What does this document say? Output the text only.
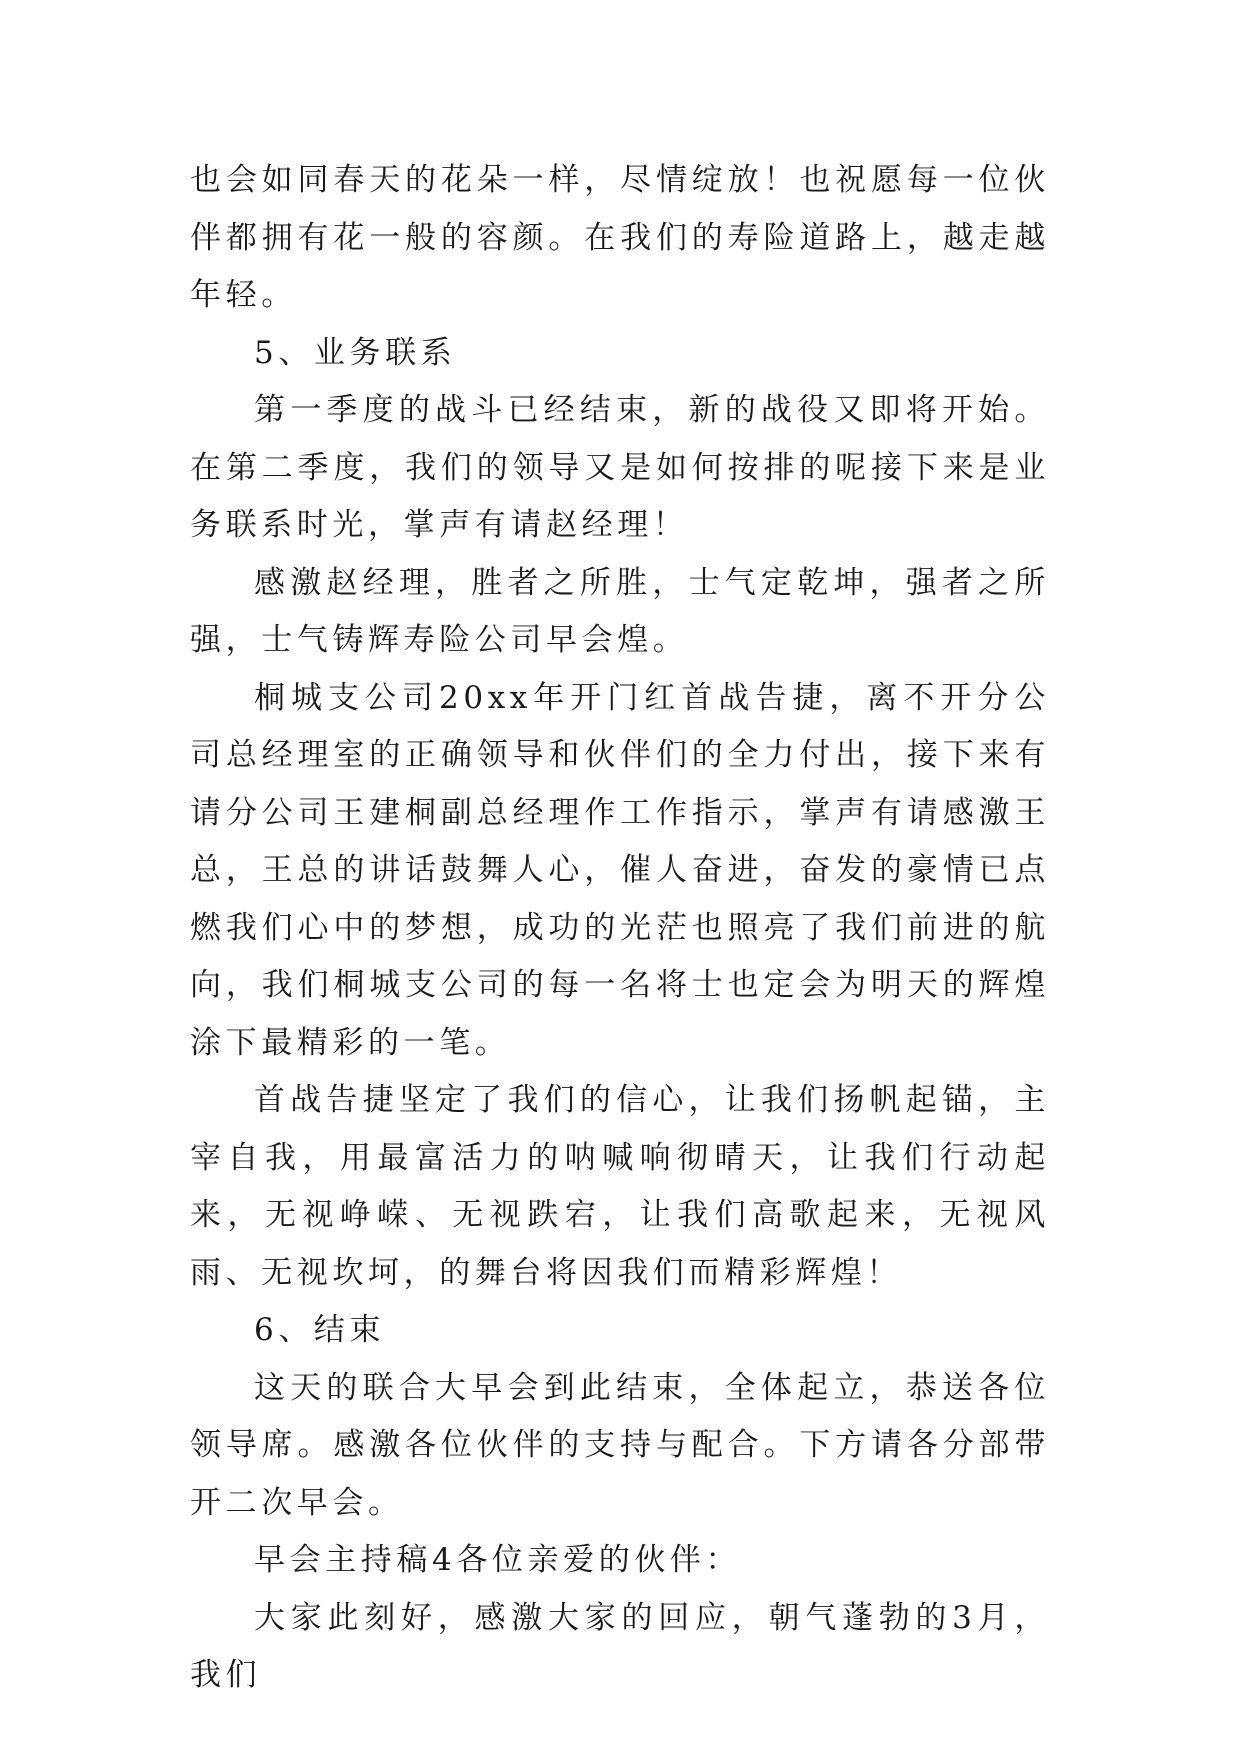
也会如同春天的花朵一样，尽情绽放！也祝愿每一位伙伴都拥有花一般的容颜。在我们的寿险道路上，越走越年轻。

5、业务联系

第一季度的战斗已经结束，新的战役又即将开始。在第二季度，我们的领导又是如何按排的呢接下来是业务联系时光，掌声有请赵经理！

感激赵经理，胜者之所胜，士气定乾坤，强者之所强，士气铸辉寿险公司早会煌。

桐城支公司20xx年开门红首战告捷，离不开分公司总经理室的正确领导和伙伴们的全力付出，接下来有请分公司王建桐副总经理作工作指示，掌声有请感激王总，王总的讲话鼓舞人心，催人奋进，奋发的豪情已点燃我们心中的梦想，成功的光茫也照亮了我们前进的航向，我们桐城支公司的每一名将士也定会为明天的辉煌涂下最精彩的一笔。

首战告捷坚定了我们的信心，让我们扬帆起锚，主宰自我，用最富活力的呐喊响彻晴天，让我们行动起来，无视峥嵘、无视跌宕，让我们高歌起来，无视风雨、无视坎坷，的舞台将因我们而精彩辉煌！

6、结束

这天的联合大早会到此结束，全体起立，恭送各位领导席。感激各位伙伴的支持与配合。下方请各分部带开二次早会。

早会主持稿4各位亲爱的伙伴：

大家此刻好，感激大家的回应，朝气蓬勃的3月，我们
